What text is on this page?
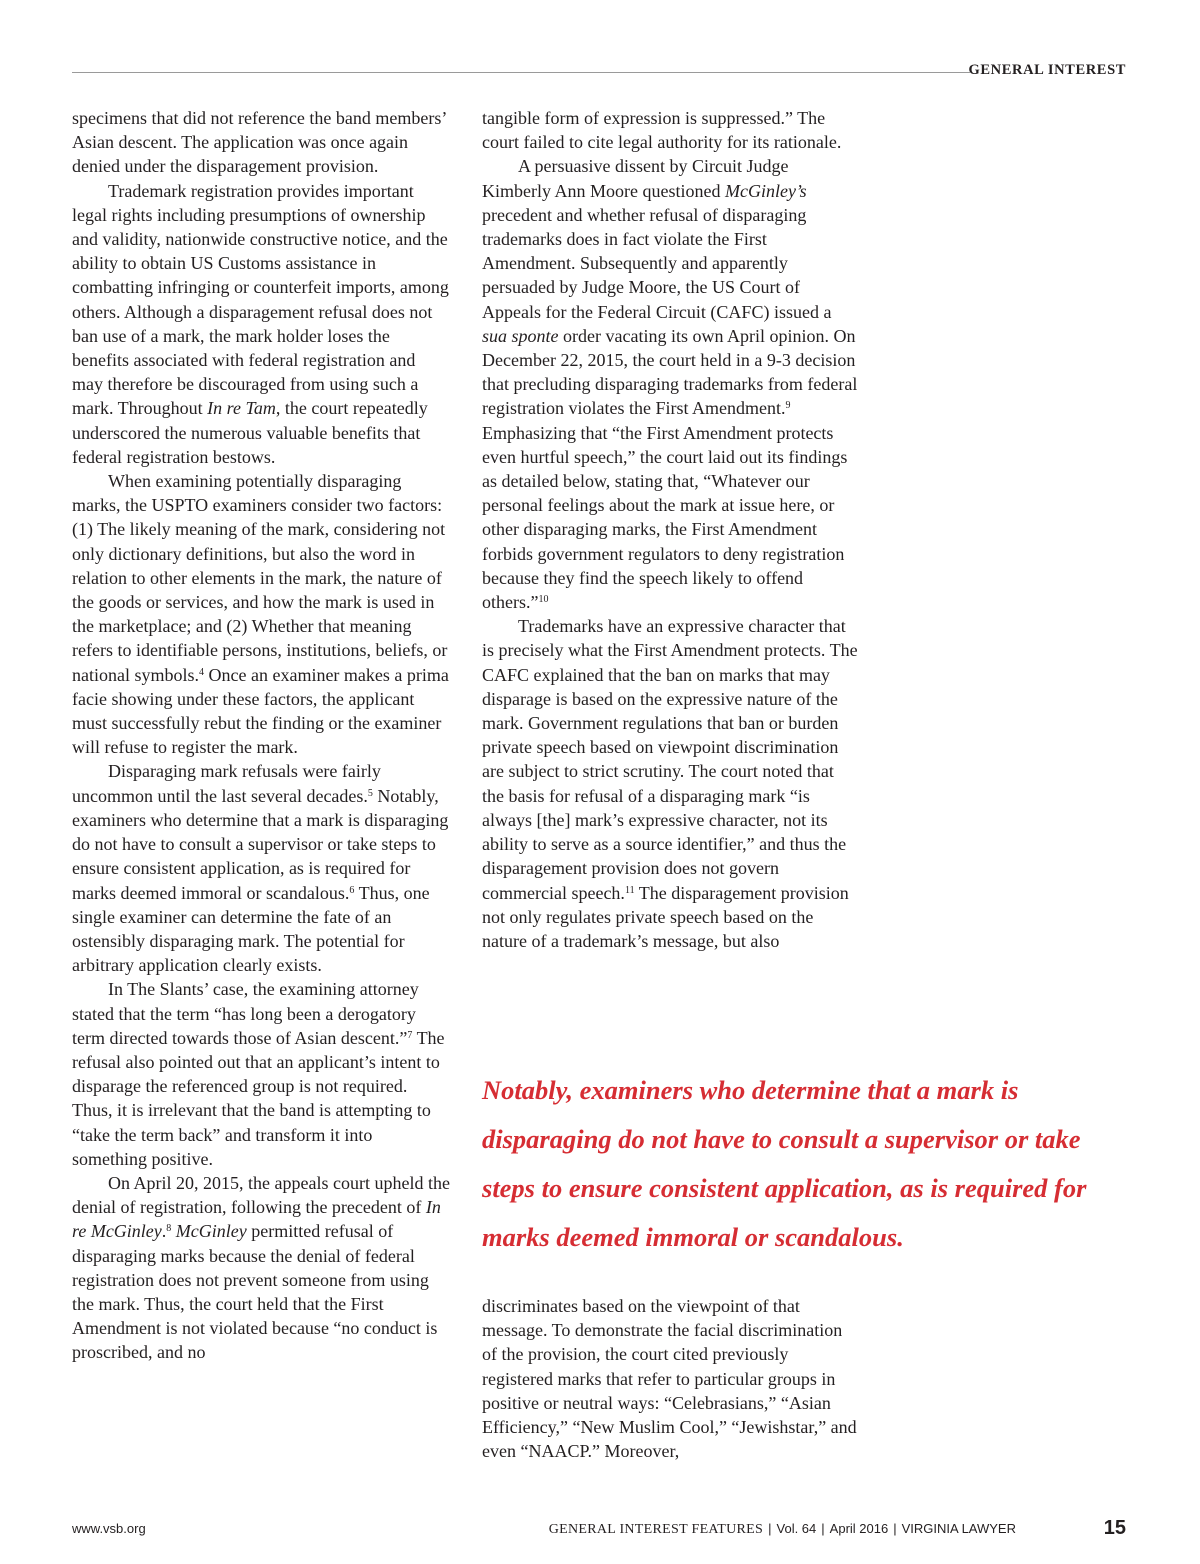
GENERAL INTEREST

specimens that did not reference the band members’ Asian descent. The application was once again denied under the disparagement provision.

Trademark registration provides important legal rights including presumptions of ownership and validity, nationwide constructive notice, and the ability to obtain US Customs assistance in combatting infringing or counterfeit imports, among others. Although a disparagement refusal does not ban use of a mark, the mark holder loses the benefits associated with federal registration and may therefore be discouraged from using such a mark. Throughout In re Tam, the court repeatedly underscored the numerous valuable benefits that federal registration bestows.

When examining potentially disparaging marks, the USPTO examiners consider two factors: (1) The likely meaning of the mark, considering not only dictionary definitions, but also the word in relation to other elements in the mark, the nature of the goods or services, and how the mark is used in the marketplace; and (2) Whether that meaning refers to identifiable persons, institutions, beliefs, or national symbols.$^4$ Once an examiner makes a prima facie showing under these factors, the applicant must successfully rebut the finding or the examiner will refuse to register the mark.

Disparaging mark refusals were fairly uncommon until the last several decades.$^5$ Notably, examiners who determine that a mark is disparaging do not have to consult a supervisor or take steps to ensure consistent application, as is required for marks deemed immoral or scandalous.$^6$ Thus, one single examiner can determine the fate of an ostensibly disparaging mark. The potential for arbitrary application clearly exists.

In The Slants’ case, the examining attorney stated that the term “has long been a derogatory term directed towards those of Asian descent.”$^7$ The refusal also pointed out that an applicant’s intent to disparage the referenced group is not required. Thus, it is irrelevant that the band is attempting to “take the term back” and transform it into something positive.

On April 20, 2015, the appeals court upheld the denial of registration, following the precedent of In re McGinley.$^8$ McGinley permitted refusal of disparaging marks because the denial of federal registration does not prevent someone from using the mark. Thus, the court held that the First Amendment is not violated because “no conduct is proscribed, and no

tangible form of expression is suppressed.” The court failed to cite legal authority for its rationale.

A persuasive dissent by Circuit Judge Kimberly Ann Moore questioned McGinley’s precedent and whether refusal of disparaging trademarks does in fact violate the First Amendment. Subsequently and apparently persuaded by Judge Moore, the US Court of Appeals for the Federal Circuit (CAFC) issued a sua sponte order vacating its own April opinion. On December 22, 2015, the court held in a 9-3 decision that precluding disparaging trademarks from federal registration violates the First Amendment.$^9$ Emphasizing that “the First Amendment protects even hurtful speech,” the court laid out its findings as detailed below, stating that, “Whatever our personal feelings about the mark at issue here, or other disparaging marks, the First Amendment forbids government regulators to deny registration because they find the speech likely to offend others.”$^{10}$

Trademarks have an expressive character that is precisely what the First Amendment protects. The CAFC explained that the ban on marks that may disparage is based on the expressive nature of the mark. Government regulations that ban or burden private speech based on viewpoint discrimination are subject to strict scrutiny. The court noted that the basis for refusal of a disparaging mark “is always [the] mark’s expressive character, not its ability to serve as a source identifier,” and thus the disparagement provision does not govern commercial speech.$^{11}$ The disparagement provision not only regulates private speech based on the nature of a trademark’s message, but also

Notably, examiners who determine that a mark is disparaging do not have to consult a supervisor or take steps to ensure consistent application, as is required for marks deemed immoral or scandalous.

discriminates based on the viewpoint of that message. To demonstrate the facial discrimination of the provision, the court cited previously registered marks that refer to particular groups in positive or neutral ways: “Celebrasians,” “Asian Efficiency,” “New Muslim Cool,” “Jewishstar,” and even “NAACP.” Moreover,

www.vsb.org	GENERAL INTEREST FEATURES | Vol. 64 | April 2016 | VIRGINIA LAWYER	15
